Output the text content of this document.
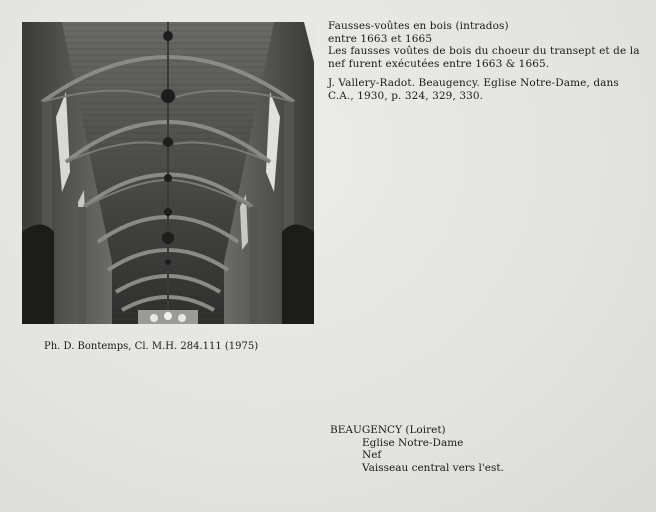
Fausses-voûtes en bois (intrados)
entre 1663 et 1665
Les fausses voûtes de bois du choeur du transept et de la
nef furent exécutées entre 1663 & 1665.
J. Vallery-Radot. Beaugency. Eglise Notre-Dame, dans
C.A., 1930, p. 324, 329, 330.
Ph. D. Bontemps, Cl. M.H. 284.111 (1975)
BEAUGENCY (Loiret)
Eglise Notre-Dame
Nef
Vaisseau central vers l'est.
